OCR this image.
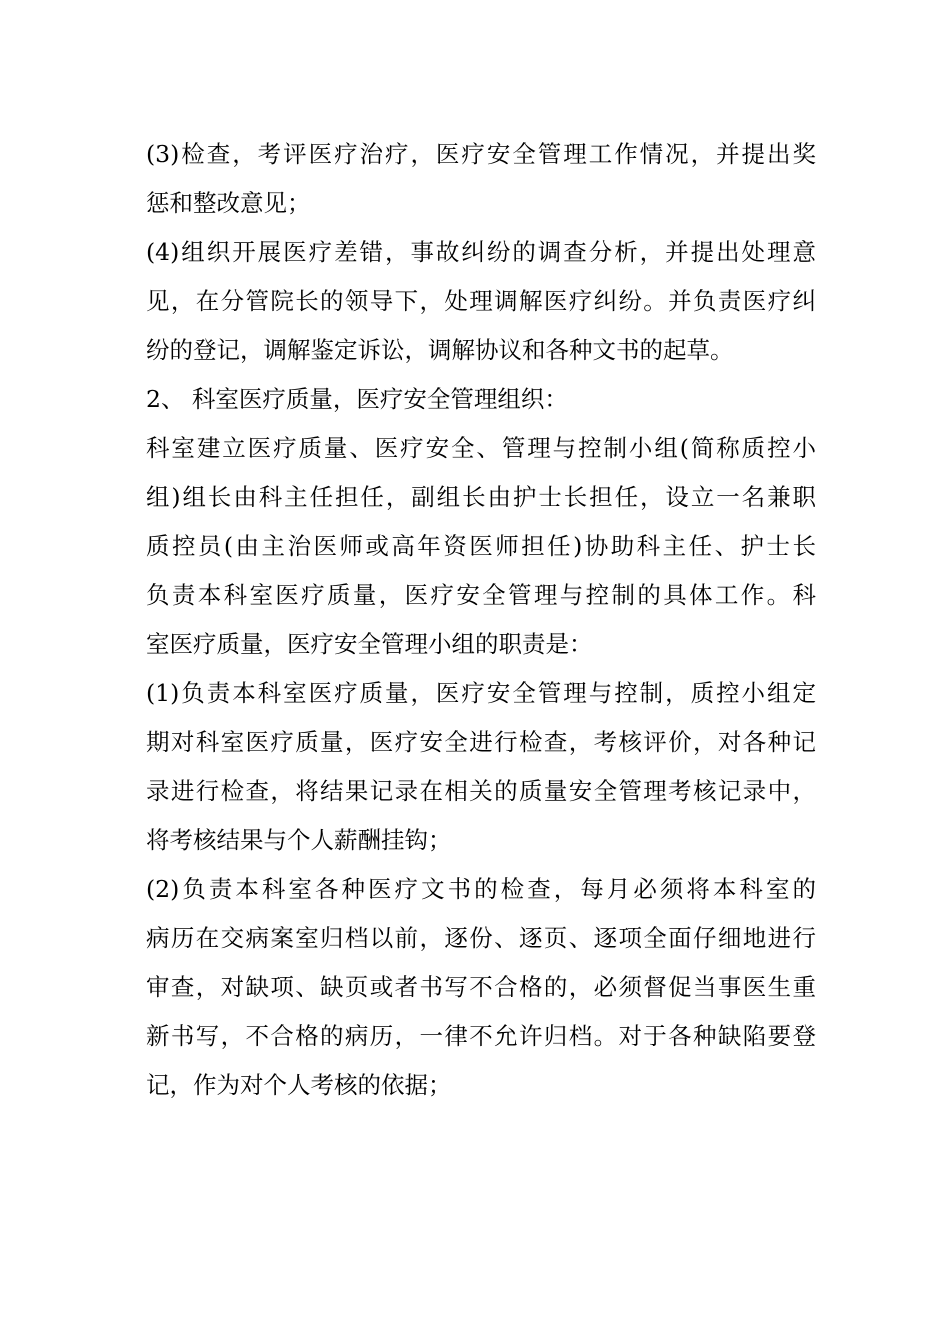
(3)检查，考评医疗治疗，医疗安全管理工作情况，并提出奖
惩和整改意见；
(4)组织开展医疗差错，事故纠纷的调查分析，并提出处理意
见，在分管院长的领导下，处理调解医疗纠纷。并负责医疗纠
纷的登记，调解鉴定诉讼，调解协议和各种文书的起草。
2、 科室医疗质量，医疗安全管理组织：
科室建立医疗质量、医疗安全、管理与控制小组(简称质控小
组)组长由科主任担任，副组长由护士长担任，设立一名兼职
质控员(由主治医师或高年资医师担任)协助科主任、护士长
负责本科室医疗质量，医疗安全管理与控制的具体工作。科
室医疗质量，医疗安全管理小组的职责是：
(1)负责本科室医疗质量，医疗安全管理与控制，质控小组定
期对科室医疗质量，医疗安全进行检查，考核评价，对各种记
录进行检查，将结果记录在相关的质量安全管理考核记录中，
将考核结果与个人薪酬挂钩；
(2)负责本科室各种医疗文书的检查，每月必须将本科室的
病历在交病案室归档以前，逐份、逐页、逐项全面仔细地进行
审查，对缺项、缺页或者书写不合格的，必须督促当事医生重
新书写，不合格的病历，一律不允许归档。对于各种缺陷要登
记，作为对个人考核的依据；
